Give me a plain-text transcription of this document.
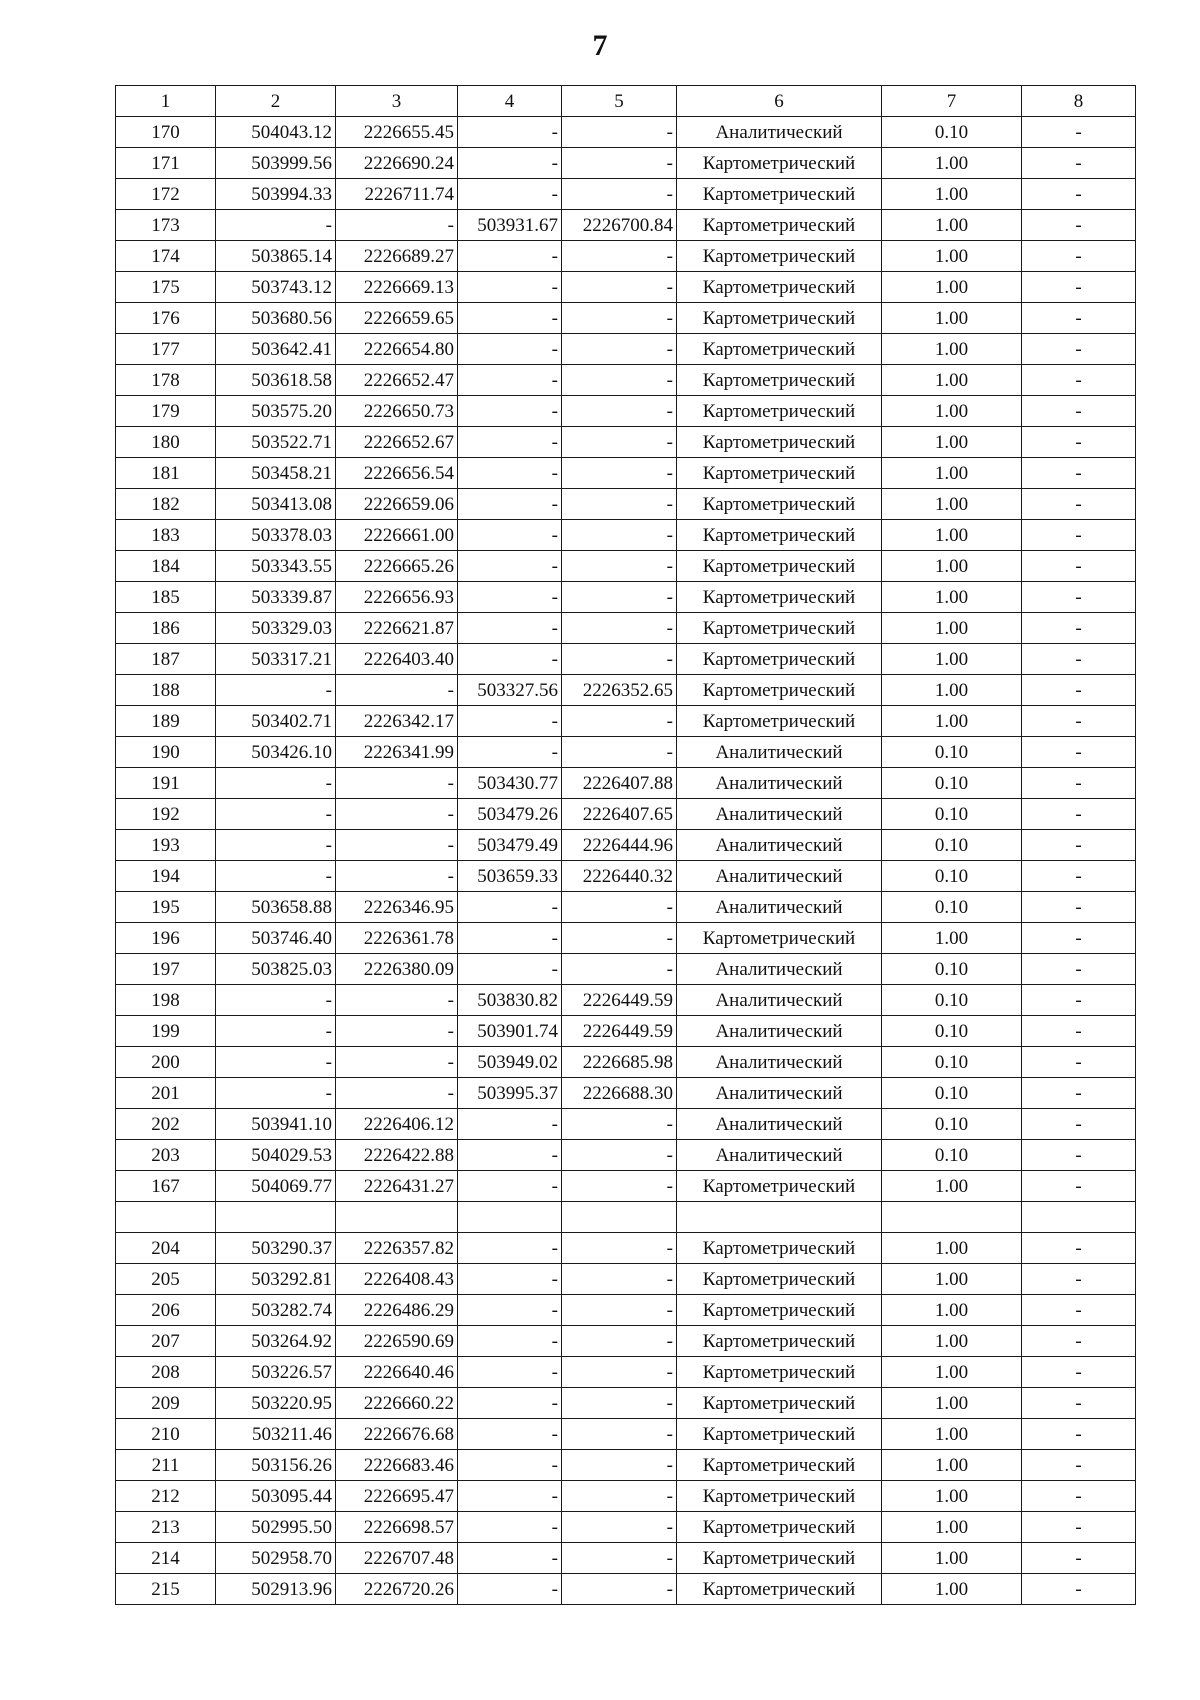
7
1	2	3	4	5	6	7	8
170	504043.12	2226655.45	-	-	Аналитический	0.10	-
171	503999.56	2226690.24	-	-	Картометрический	1.00	-
172	503994.33	2226711.74	-	-	Картометрический	1.00	-
173	-	-	503931.67	2226700.84	Картометрический	1.00	-
174	503865.14	2226689.27	-	-	Картометрический	1.00	-
175	503743.12	2226669.13	-	-	Картометрический	1.00	-
176	503680.56	2226659.65	-	-	Картометрический	1.00	-
177	503642.41	2226654.80	-	-	Картометрический	1.00	-
178	503618.58	2226652.47	-	-	Картометрический	1.00	-
179	503575.20	2226650.73	-	-	Картометрический	1.00	-
180	503522.71	2226652.67	-	-	Картометрический	1.00	-
181	503458.21	2226656.54	-	-	Картометрический	1.00	-
182	503413.08	2226659.06	-	-	Картометрический	1.00	-
183	503378.03	2226661.00	-	-	Картометрический	1.00	-
184	503343.55	2226665.26	-	-	Картометрический	1.00	-
185	503339.87	2226656.93	-	-	Картометрический	1.00	-
186	503329.03	2226621.87	-	-	Картометрический	1.00	-
187	503317.21	2226403.40	-	-	Картометрический	1.00	-
188	-	-	503327.56	2226352.65	Картометрический	1.00	-
189	503402.71	2226342.17	-	-	Картометрический	1.00	-
190	503426.10	2226341.99	-	-	Аналитический	0.10	-
191	-	-	503430.77	2226407.88	Аналитический	0.10	-
192	-	-	503479.26	2226407.65	Аналитический	0.10	-
193	-	-	503479.49	2226444.96	Аналитический	0.10	-
194	-	-	503659.33	2226440.32	Аналитический	0.10	-
195	503658.88	2226346.95	-	-	Аналитический	0.10	-
196	503746.40	2226361.78	-	-	Картометрический	1.00	-
197	503825.03	2226380.09	-	-	Аналитический	0.10	-
198	-	-	503830.82	2226449.59	Аналитический	0.10	-
199	-	-	503901.74	2226449.59	Аналитический	0.10	-
200	-	-	503949.02	2226685.98	Аналитический	0.10	-
201	-	-	503995.37	2226688.30	Аналитический	0.10	-
202	503941.10	2226406.12	-	-	Аналитический	0.10	-
203	504029.53	2226422.88	-	-	Аналитический	0.10	-
167	504069.77	2226431.27	-	-	Картометрический	1.00	-

204	503290.37	2226357.82	-	-	Картометрический	1.00	-
205	503292.81	2226408.43	-	-	Картометрический	1.00	-
206	503282.74	2226486.29	-	-	Картометрический	1.00	-
207	503264.92	2226590.69	-	-	Картометрический	1.00	-
208	503226.57	2226640.46	-	-	Картометрический	1.00	-
209	503220.95	2226660.22	-	-	Картометрический	1.00	-
210	503211.46	2226676.68	-	-	Картометрический	1.00	-
211	503156.26	2226683.46	-	-	Картометрический	1.00	-
212	503095.44	2226695.47	-	-	Картометрический	1.00	-
213	502995.50	2226698.57	-	-	Картометрический	1.00	-
214	502958.70	2226707.48	-	-	Картометрический	1.00	-
215	502913.96	2226720.26	-	-	Картометрический	1.00	-
